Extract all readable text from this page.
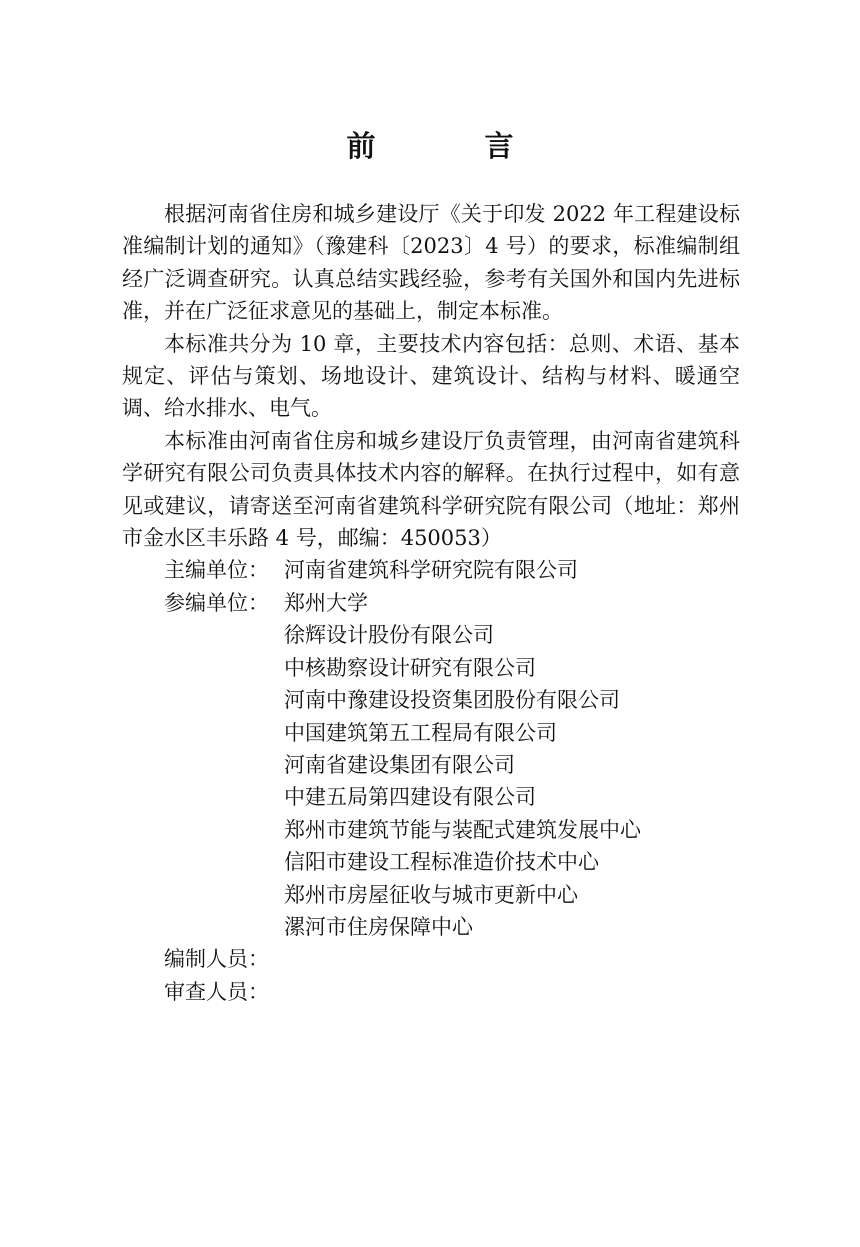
前　言

根据河南省住房和城乡建设厅《关于印发 2022 年工程建设标准编制计划的通知》（豫建科〔2023〕4 号）的要求，标准编制组经广泛调查研究。认真总结实践经验，参考有关国外和国内先进标准，并在广泛征求意见的基础上，制定本标准。

本标准共分为 10 章，主要技术内容包括：总则、术语、基本规定、评估与策划、场地设计、建筑设计、结构与材料、暖通空调、给水排水、电气。

本标准由河南省住房和城乡建设厅负责管理，由河南省建筑科学研究有限公司负责具体技术内容的解释。在执行过程中，如有意见或建议，请寄送至河南省建筑科学研究院有限公司（地址：郑州市金水区丰乐路 4 号，邮编：450053）

主编单位： 河南省建筑科学研究院有限公司
参编单位： 郑州大学
徐辉设计股份有限公司
中核勘察设计研究有限公司
河南中豫建设投资集团股份有限公司
中国建筑第五工程局有限公司
河南省建设集团有限公司
中建五局第四建设有限公司
郑州市建筑节能与装配式建筑发展中心
信阳市建设工程标准造价技术中心
郑州市房屋征收与城市更新中心
漯河市住房保障中心
编制人员：
审查人员：
